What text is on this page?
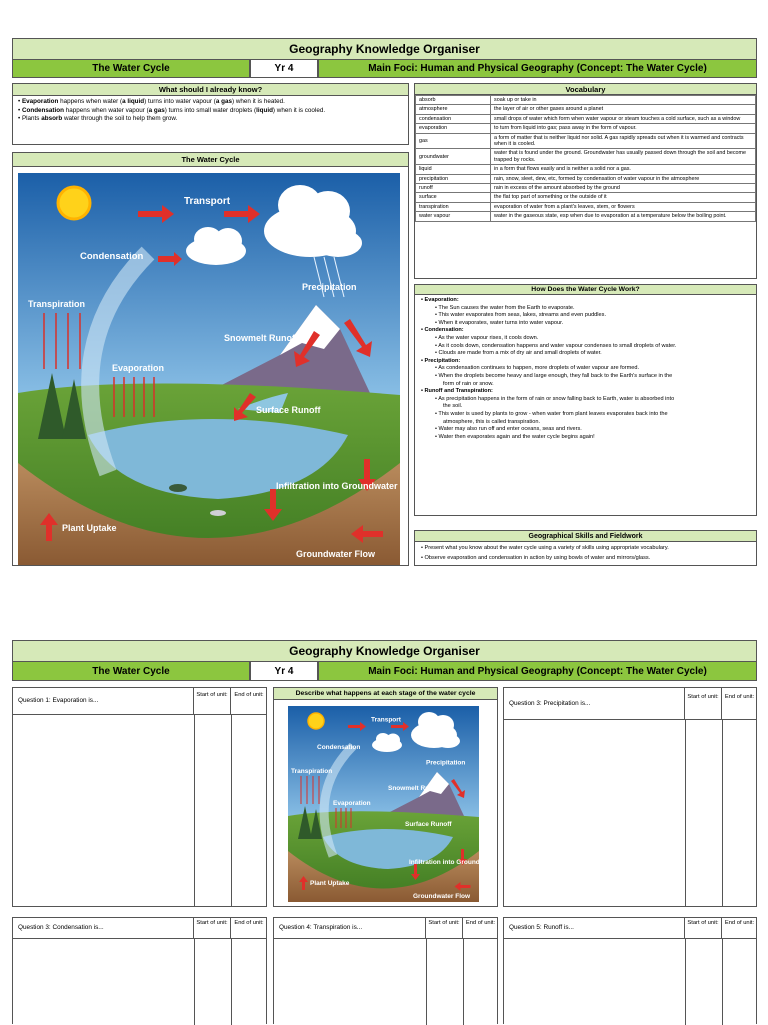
Geography Knowledge Organiser
The Water Cycle	Yr 4	Main Foci: Human and Physical Geography (Concept: The Water Cycle)
What should I already know?
• Evaporation happens when water (a liquid) turns into water vapour (a gas) when it is heated.
• Condensation happens when water vapour (a gas) turns into small water droplets (liquid) when it is cooled.
• Plants absorb water through the soil to help them grow.
The Water Cycle
Transport
Condensation
Precipitation
Transpiration
Snowmelt Runoff
Evaporation
Surface Runoff
Infiltration into Groundwater
Plant Uptake
Groundwater Flow
Vocabulary
absorb	soak up or take in
atmosphere	the layer of air or other gases around a planet
condensation	small drops of water which form when water vapour or steam touches a cold surface, such as a window
evaporation	to turn from liquid into gas; pass away in the form of vapour.
gas	a form of matter that is neither liquid nor solid. A gas rapidly spreads out when it is warmed and contracts when it is cooled.
groundwater	water that is found under the ground. Groundwater has usually passed down through the soil and become trapped by rocks.
liquid	in a form that flows easily and is neither a solid nor a gas.
precipitation	rain, snow, sleet, dew, etc, formed by condensation of water vapour in the atmosphere
runoff	rain in excess of the amount absorbed by the ground
surface	the flat top part of something or the outside of it
transpiration	evaporation of water from a plant's leaves, stem, or flowers
water vapour	water in the gaseous state, esp when due to evaporation at a temperature below the boiling point.
How Does the Water Cycle Work?
• Evaporation:
• The Sun causes the water from the Earth to evaporate.
• This water evaporates from seas, lakes, streams and even puddles.
• When it evaporates, water turns into water vapour.
• Condensation:
• As the water vapour rises, it cools down.
• As it cools down, condensation happens and water vapour condenses to small droplets of water.
• Clouds are made from a mix of dry air and small droplets of water.
• Precipitation:
• As condensation continues to happen, more droplets of water vapour are formed.
• When the droplets become heavy and large enough, they fall back to the Earth's surface in the
form of rain or snow.
• Runoff and Transpiration:
• As precipitation happens in the form of rain or snow falling back to Earth, water is absorbed into
the soil.
• This water is used by plants to grow - when water from plant leaves evaporates back into the
atmosphere, this is called transpiration.
• Water may also run off and enter oceans, seas and rivers.
• Water then evaporates again and the water cycle begins again!
Geographical Skills and Fieldwork
• Present what you know about the water cycle using a variety of skills using appropriate vocabulary.
• Observe evaporation and condensation in action by using bowls of water and mirrors/glass.
Geography Knowledge Organiser
The Water Cycle	Yr 4	Main Foci: Human and Physical Geography (Concept: The Water Cycle)
Question 1: Evaporation is...
Start of unit:	End of unit:	Describe what happens at each stage of the water cycle
Transport
Condensation
Precipitation
Transpiration
Snowmelt Runoff
Evaporation
Surface Runoff
Infiltration into Groundwater
Plant Uptake
Groundwater Flow
Question 3: Precipitation is...
Start of unit:	End of unit:
Question 3: Condensation is...
Start of unit:	End of unit:
Question 4: Transpiration is...
Start of unit:	End of unit:
Question 5: Runoff is...
Start of unit:	End of unit:
